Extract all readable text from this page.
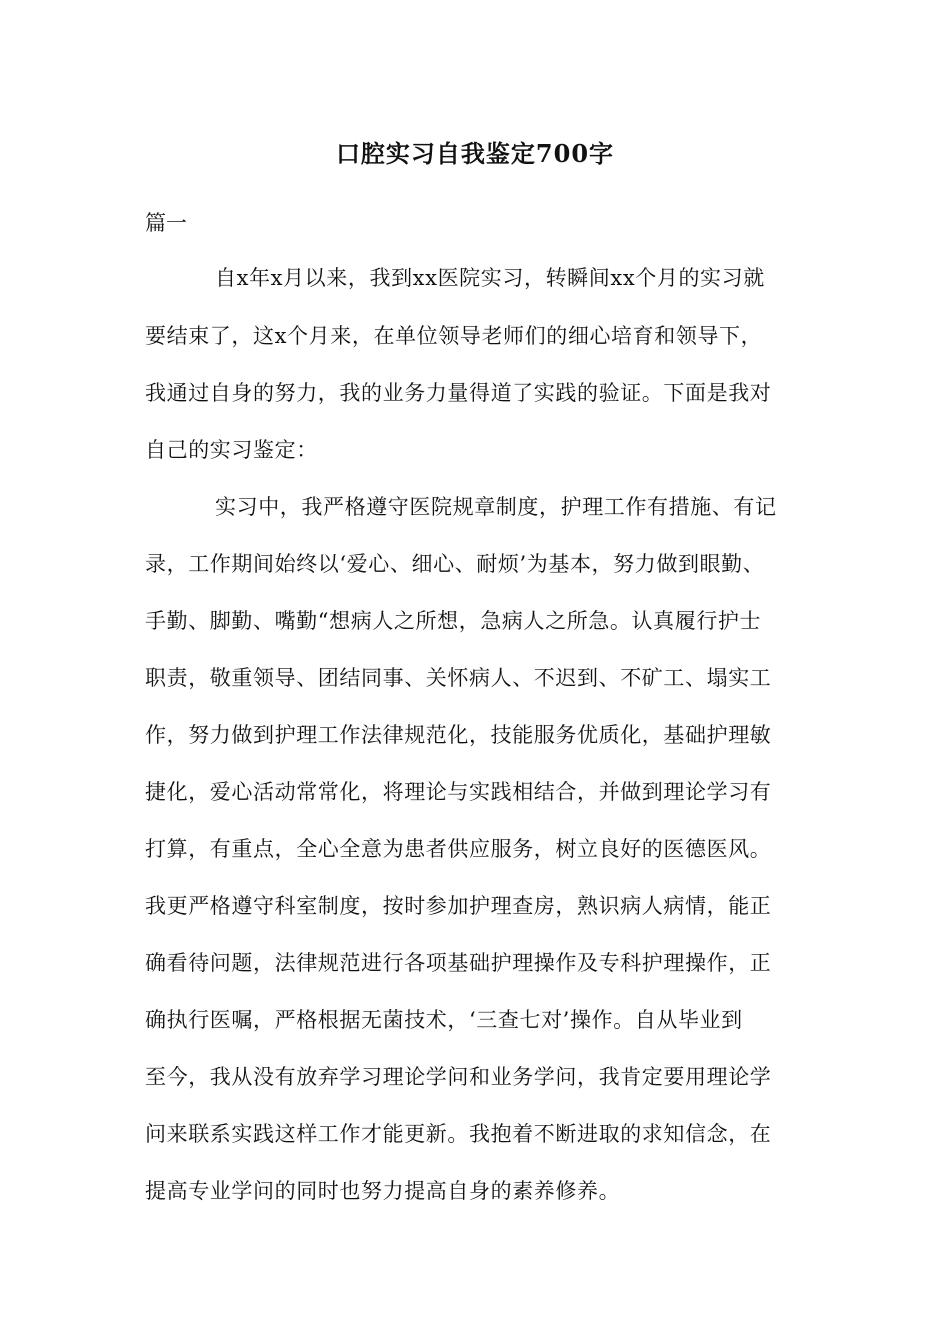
口腔实习自我鉴定700字
篇一
自x年x月以来，我到xx医院实习，转瞬间xx个月的实习就
要结束了，这x个月来，在单位领导老师们的细心培育和领导下，
我通过自身的努力，我的业务力量得道了实践的验证。下面是我对
自己的实习鉴定：
实习中，我严格遵守医院规章制度，护理工作有措施、有记
录，工作期间始终以‘爱心、细心、耐烦’为基本，努力做到眼勤、
手勤、脚勤、嘴勤“想病人之所想，急病人之所急。认真履行护士
职责，敬重领导、团结同事、关怀病人、不迟到、不矿工、塌实工
作，努力做到护理工作法律规范化，技能服务优质化，基础护理敏
捷化，爱心活动常常化，将理论与实践相结合，并做到理论学习有
打算，有重点，全心全意为患者供应服务，树立良好的医德医风。
我更严格遵守科室制度，按时参加护理查房，熟识病人病情，能正
确看待问题，法律规范进行各项基础护理操作及专科护理操作，正
确执行医嘱，严格根据无菌技术，‘三查七对’操作。自从毕业到
至今，我从没有放弃学习理论学问和业务学问，我肯定要用理论学
问来联系实践这样工作才能更新。我抱着不断进取的求知信念，在
提高专业学问的同时也努力提高自身的素养修养。
